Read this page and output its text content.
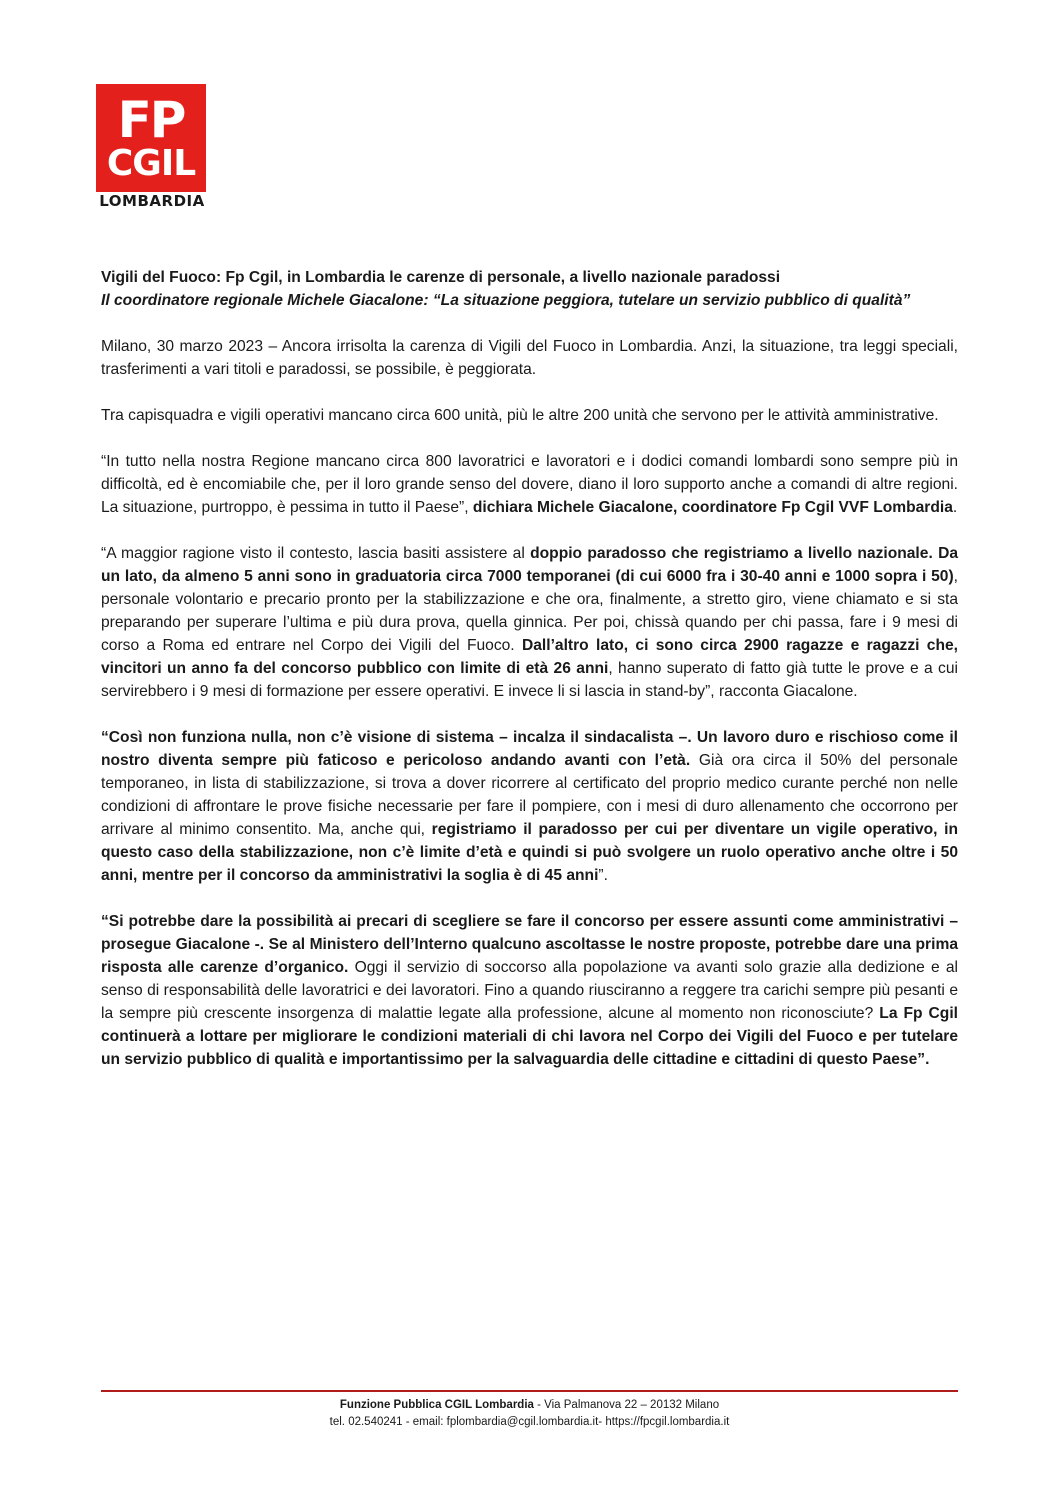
FP
CGIL
LOMBARDIA

Vigili del Fuoco: Fp Cgil, in Lombardia le carenze di personale, a livello nazionale paradossi

Il coordinatore regionale Michele Giacalone: “La situazione peggiora, tutelare un servizio pubblico di qualità”

Milano, 30 marzo 2023 – Ancora irrisolta la carenza di Vigili del Fuoco in Lombardia. Anzi, la situazione, tra leggi speciali, trasferimenti a vari titoli e paradossi, se possibile, è peggiorata.

Tra capisquadra e vigili operativi mancano circa 600 unità, più le altre 200 unità che servono per le attività amministrative.

“In tutto nella nostra Regione mancano circa 800 lavoratrici e lavoratori e i dodici comandi lombardi sono sempre più in difficoltà, ed è encomiabile che, per il loro grande senso del dovere, diano il loro supporto anche a comandi di altre regioni. La situazione, purtroppo, è pessima in tutto il Paese”, dichiara Michele Giacalone, coordinatore Fp Cgil VVF Lombardia.

“A maggior ragione visto il contesto, lascia basiti assistere al doppio paradosso che registriamo a livello nazionale. Da un lato, da almeno 5 anni sono in graduatoria circa 7000 temporanei (di cui 6000 fra i 30-40 anni e 1000 sopra i 50), personale volontario e precario pronto per la stabilizzazione e che ora, finalmente, a stretto giro, viene chiamato e si sta preparando per superare l’ultima e più dura prova, quella ginnica. Per poi, chissà quando per chi passa, fare i 9 mesi di corso a Roma ed entrare nel Corpo dei Vigili del Fuoco. Dall’altro lato, ci sono circa 2900 ragazze e ragazzi che, vincitori un anno fa del concorso pubblico con limite di età 26 anni, hanno superato di fatto già tutte le prove e a cui servirebbero i 9 mesi di formazione per essere operativi. E invece li si lascia in stand-by”, racconta Giacalone.

“Così non funziona nulla, non c’è visione di sistema – incalza il sindacalista –. Un lavoro duro e rischioso come il nostro diventa sempre più faticoso e pericoloso andando avanti con l’età. Già ora circa il 50% del personale temporaneo, in lista di stabilizzazione, si trova a dover ricorrere al certificato del proprio medico curante perché non nelle condizioni di affrontare le prove fisiche necessarie per fare il pompiere, con i mesi di duro allenamento che occorrono per arrivare al minimo consentito. Ma, anche qui, registriamo il paradosso per cui per diventare un vigile operativo, in questo caso della stabilizzazione, non c’è limite d’età e quindi si può svolgere un ruolo operativo anche oltre i 50 anni, mentre per il concorso da amministrativi la soglia è di 45 anni”.

“Si potrebbe dare la possibilità ai precari di scegliere se fare il concorso per essere assunti come amministrativi – prosegue Giacalone -. Se al Ministero dell’Interno qualcuno ascoltasse le nostre proposte, potrebbe dare una prima risposta alle carenze d’organico. Oggi il servizio di soccorso alla popolazione va avanti solo grazie alla dedizione e al senso di responsabilità delle lavoratrici e dei lavoratori. Fino a quando riusciranno a reggere tra carichi sempre più pesanti e la sempre più crescente insorgenza di malattie legate alla professione, alcune al momento non riconosciute? La Fp Cgil continuerà a lottare per migliorare le condizioni materiali di chi lavora nel Corpo dei Vigili del Fuoco e per tutelare un servizio pubblico di qualità e importantissimo per la salvaguardia delle cittadine e cittadini di questo Paese”.

Funzione Pubblica CGIL Lombardia - Via Palmanova 22 – 20132 Milano
tel. 02.540241 - email: fplombardia@cgil.lombardia.it- https://fpcgil.lombardia.it
